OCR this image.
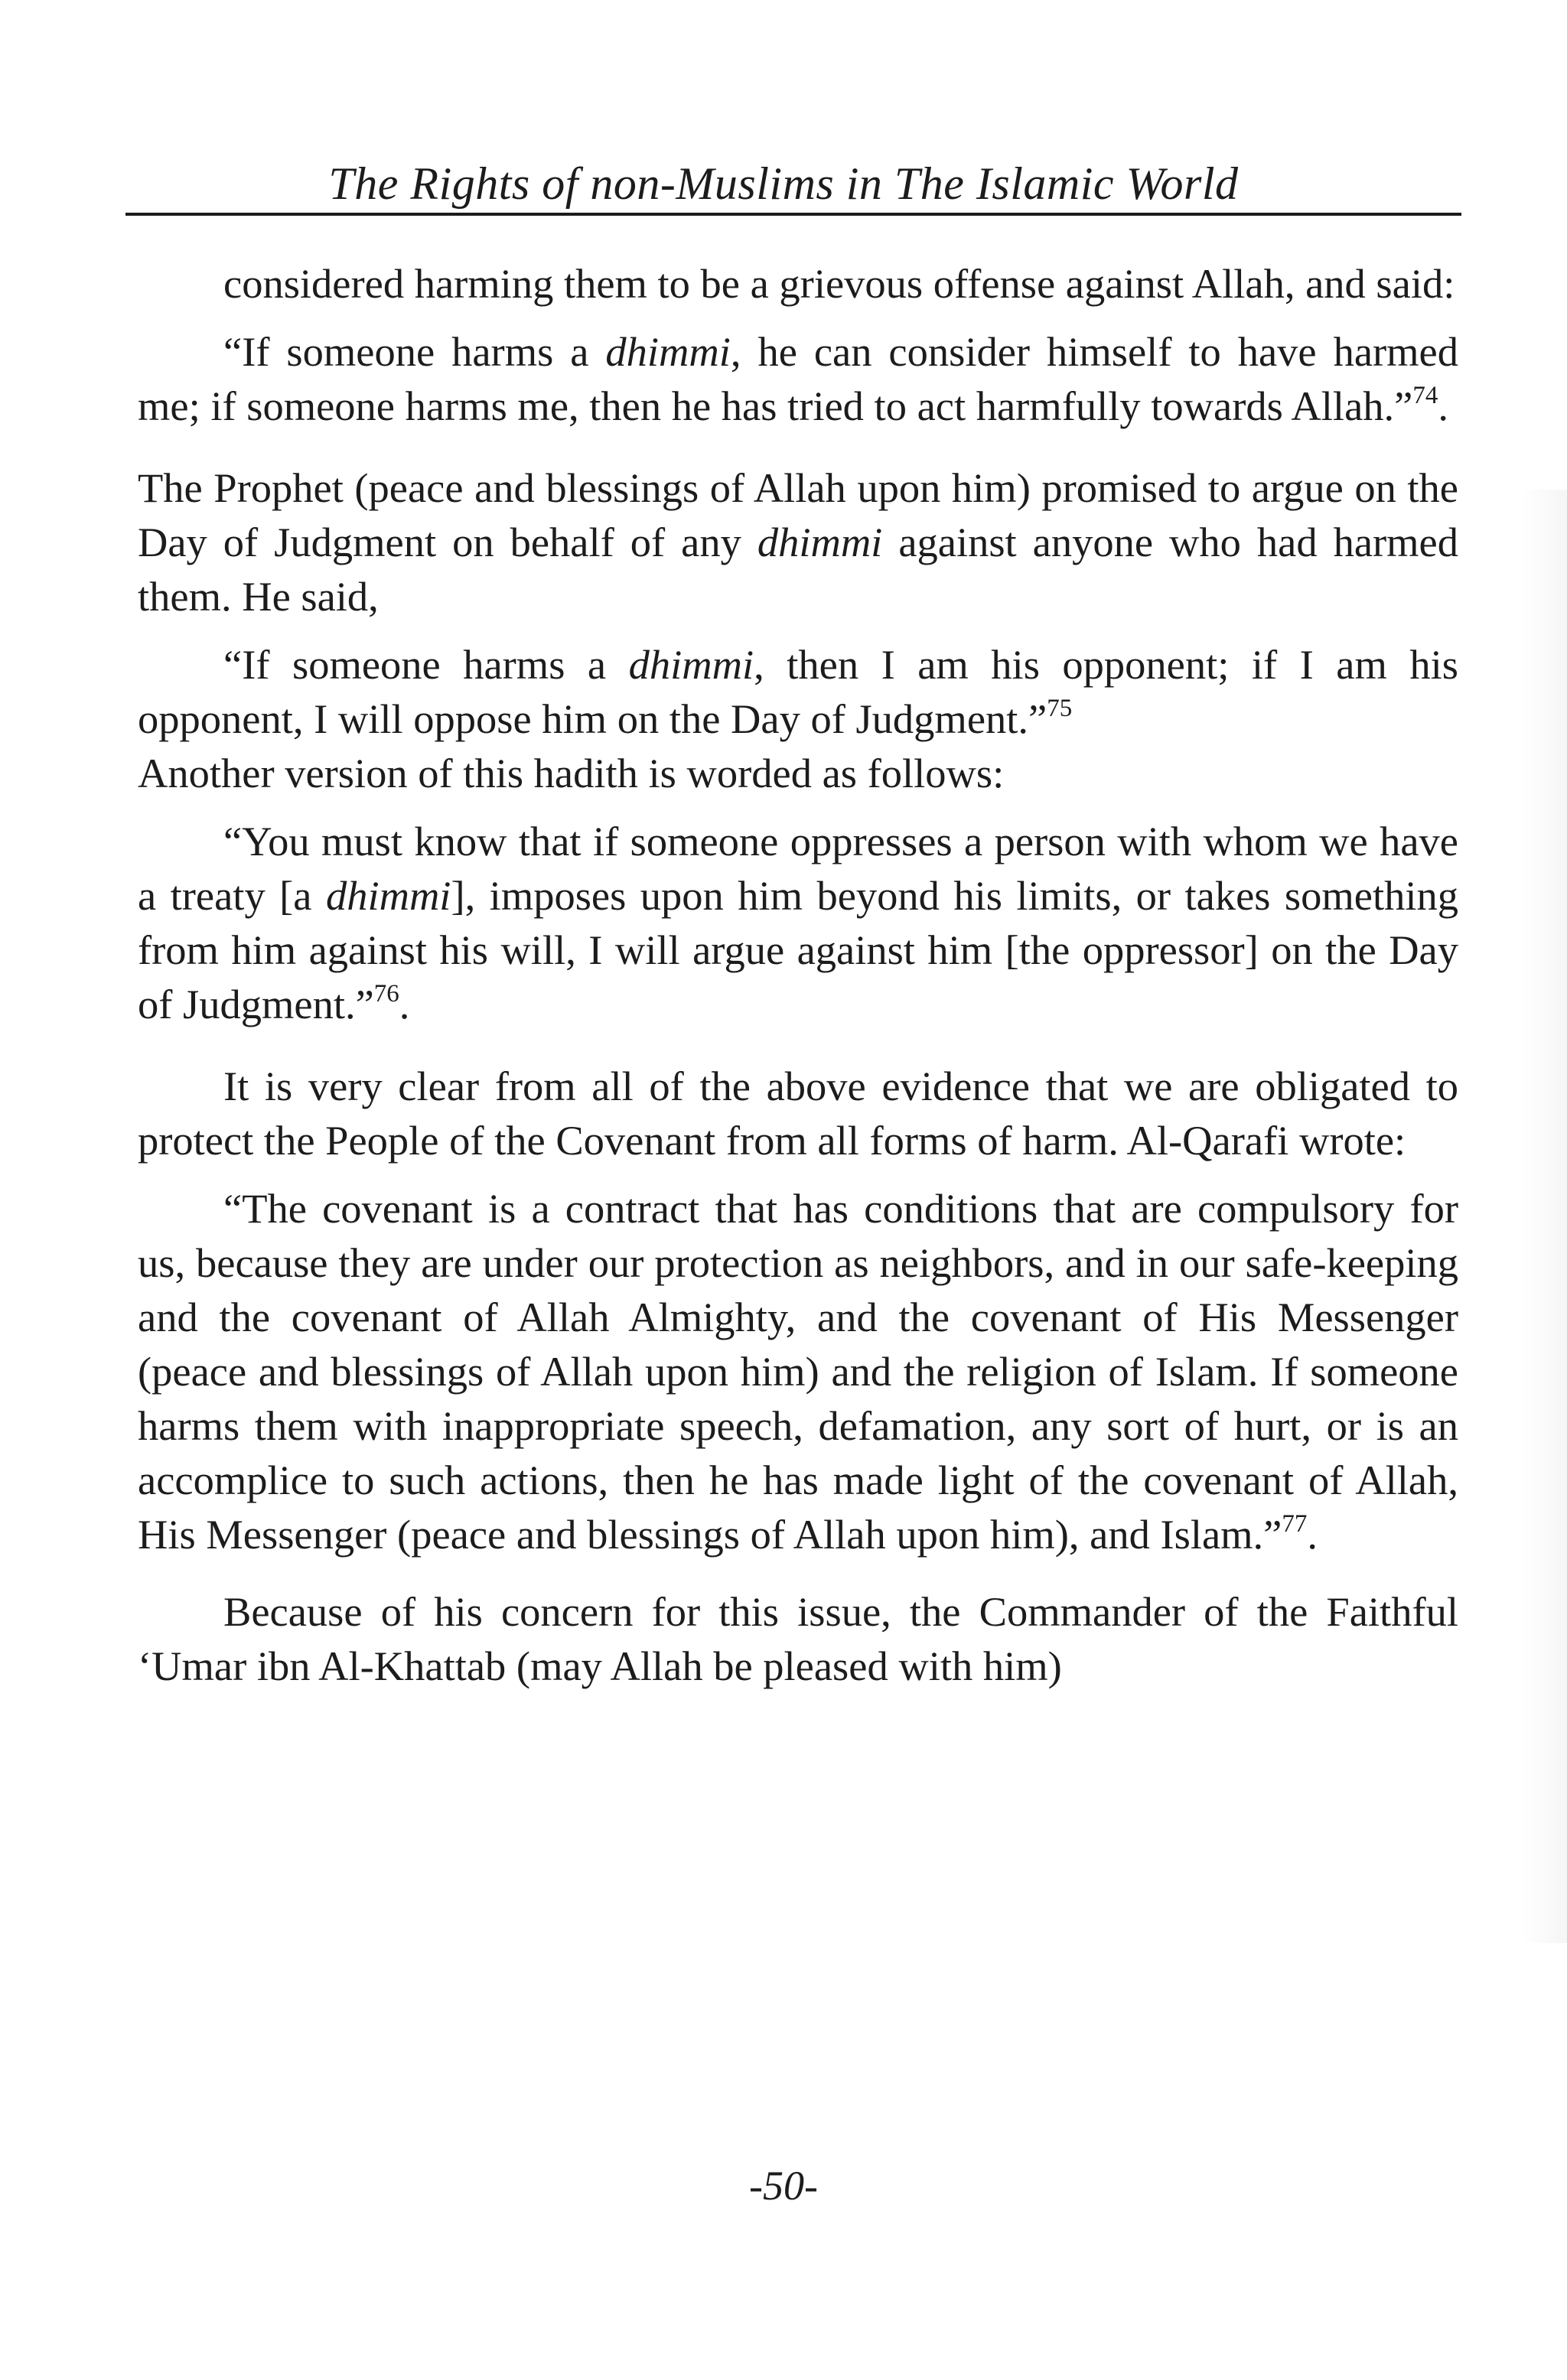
The Rights of non-Muslims in The Islamic World

considered harming them to be a grievous offense against Allah, and said:

“If someone harms a dhimmi, he can consider himself to have harmed me; if someone harms me, then he has tried to act harmfully towards Allah.”$^{74}$.

The Prophet (peace and blessings of Allah upon him) promised to argue on the Day of Judgment on behalf of any dhimmi against anyone who had harmed them. He said,

“If someone harms a dhimmi, then I am his opponent; if I am his opponent, I will oppose him on the Day of Judgment.”$^{75}$

Another version of this hadith is worded as follows:

“You must know that if someone oppresses a person with whom we have a treaty [a dhimmi], imposes upon him beyond his limits, or takes something from him against his will, I will argue against him [the oppressor] on the Day of Judgment.”$^{76}$.

It is very clear from all of the above evidence that we are obligated to protect the People of the Covenant from all forms of harm. Al-Qarafi wrote:

“The covenant is a contract that has conditions that are compulsory for us, because they are under our protection as neighbors, and in our safe-keeping and the covenant of Allah Almighty, and the covenant of His Messenger (peace and blessings of Allah upon him) and the religion of Islam. If someone harms them with inappropriate speech, defamation, any sort of hurt, or is an accomplice to such actions, then he has made light of the covenant of Allah, His Messenger (peace and blessings of Allah upon him), and Islam.”$^{77}$.

Because of his concern for this issue, the Commander of the Faithful ‘Umar ibn Al-Khattab (may Allah be pleased with him)

-50-
